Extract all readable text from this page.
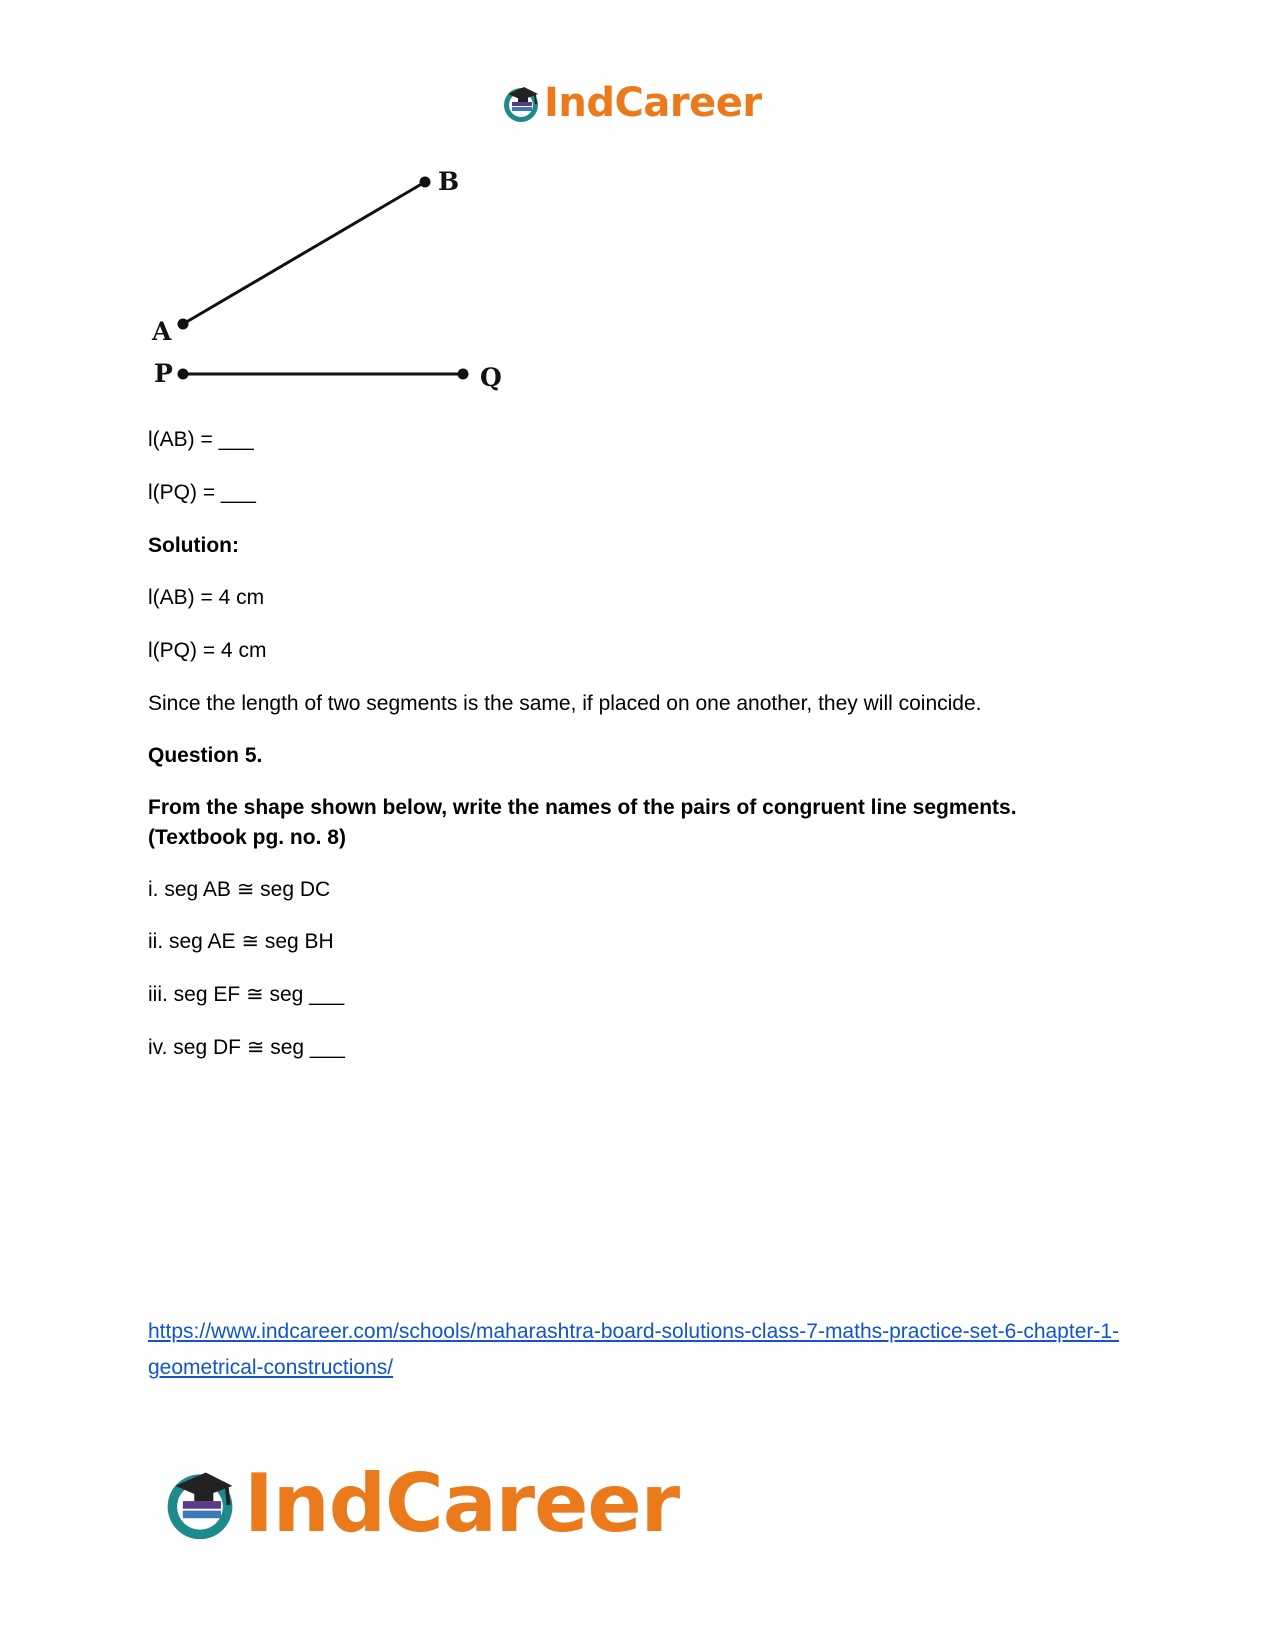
IndCareer
B
A
P	Q
l(AB) = ___
l(PQ) = ___
Solution:
l(AB) = 4 cm
l(PQ) = 4 cm
Since the length of two segments is the same, if placed on one another, they will coincide.
Question 5.
From the shape shown below, write the names of the pairs of congruent line segments. (Textbook pg. no. 8)
i. seg AB ≅ seg DC
ii. seg AE ≅ seg BH
iii. seg EF ≅ seg ___
iv. seg DF ≅ seg ___
https://www.indcareer.com/schools/maharashtra-board-solutions-class-7-maths-practice-set-6-chapter-1-geometrical-constructions/
IndCareer
